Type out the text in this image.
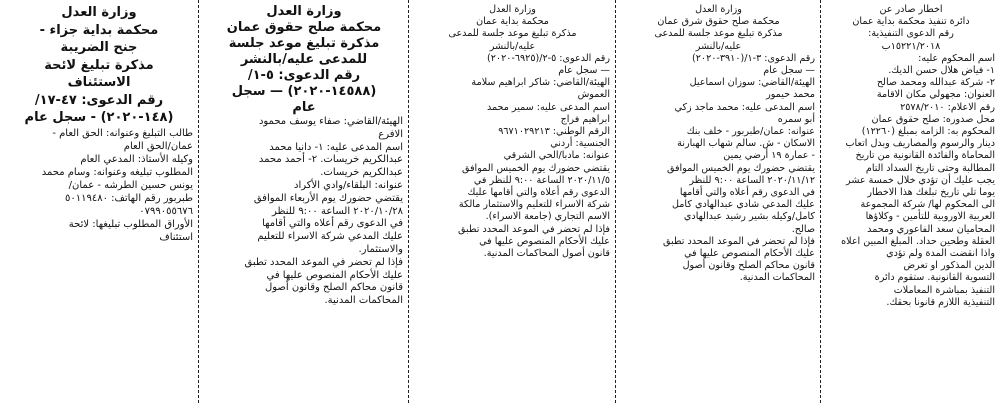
اخطار صادر عن

دائرة تنفيذ محكمة بداية عمان

رقم الدعوى التنفيذية:

١٥٢٢١/٢٠١٨ب

اسم المحكوم عليه:

١- فياض هلال حسن الديك.

٢- شركة عبدالله ومحمد صالح

العنوان: مجهولي مكان الاقامة

رقم الاعلام: ٢٥٧٨/٢٠١٠

محل صدوره: صلح حقوق عمان

المحكوم به: الزامه بمبلغ (١٢٢٦٠)

دينار والرسوم والمصاريف وبدل اتعاب

المحاماة والفائدة القانونية من تاريخ

المطالبة وحتى تاريخ السداد التام

يجب عليك أن تؤدي خلال خمسة عشر

يوما تلي تاريخ تبلغك هذا الاخطار

الى المحكوم لها/ شركة المجموعة

العربية الاوروبية للتأمين - وكلاؤها

المحاميان سعد الفاعوري ومحمد

العقلة وطحين حداد. المبلغ المبين اعلاه

واذا انقضت المدة ولم تؤدي

الدين المذكور او تعرض

التسوية القانونية. ستقوم دائرة

التنفيذ بمباشرة المعاملات

التنفيذية اللازم قانونا بحقك.

وزارة العدل

محكمة صلح حقوق شرق عمان

مذكرة تبليغ موعد جلسة للمدعى

عليه/بالنشر

رقم الدعوى: ٣-١/(٣٩١٠-٢٠٢٠)

— سجل عام

الهيئة/القاضي: سوزان اسماعيل

محمد حيمور

اسم المدعى عليه: محمد ماجد زكي

أبو سمره

عنوانه: عمان/طبربور - خلف بنك

الاسكان - ش. سالم شهاب الهبارنة

- عمارة ١٩ أرضي يمين

يقتضي حضورك يوم الخميس الموافق

٢٠٢٠/١١/١٢ الساعة ٩:٠٠ للنظر

في الدعوى رقم أعلاه والتي أقامها

عليك المدعي شادي عبدالهادي كامل

كامل/وكيله بشير رشيد عبدالهادي

صالح.

فإذا لم تحضر في الموعد المحدد تطبق

عليك الأحكام المنصوص عليها في

قانون محاكم الصلح وقانون أصول

المحاكمات المدنية.

وزارة العدل

محكمة بداية عمان

مذكرة تبليغ موعد جلسة للمدعى

عليه/بالنشر

رقم الدعوى: ٥-٢/(٦٩٢٥-٢٠٢٠)

— سجل عام

الهيئة/القاضي: شاكر ابراهيم سلامة

العموش

اسم المدعى عليه: سمير محمد

ابراهيم فراج

الرقم الوطني: ٩٦٧١٠٢٩٢١٣

الجنسية: أردني

عنوانه: مادبا/الحي الشرقي

يقتضي حضورك يوم الخميس الموافق

٢٠٢٠/١١/٥ الساعة ٩:٠٠ للنظر في

الدعوى رقم أعلاه والتي أقامها عليك

شركة الاسراء للتعليم والاستثمار مالكة

الاسم التجاري (جامعة الاسراء).

فإذا لم تحضر في الموعد المحدد تطبق

عليك الأحكام المنصوص عليها في

قانون أصول المحاكمات المدنية.

وزارة العدل

محكمة صلح حقوق عمان

مذكرة تبليغ موعد جلسة

للمدعى عليه/بالنشر

رقم الدعوى: ٥-١/

(١٤٥٨٨-٢٠٢٠) — سجل

عام

الهيئة/القاضي: صفاء يوسف محمود

الافرع

اسم المدعى عليه: ١- دانيا محمد

عبدالكريم خريسات. ٢- أحمد محمد

عبدالكريم خريسات.

عنوانه: البلقاء/وادي الأكراد

يقتضي حضورك يوم الأربعاء الموافق

٢٠٢٠/١٠/٢٨ الساعة ٩:٠٠ للنظر

في الدعوى رقم أعلاه والتي أقامها

عليك المدعي شركة الاسراء للتعليم

والاستثمار.

فإذا لم تحضر في الموعد المحدد تطبق

عليك الأحكام المنصوص عليها في

قانون محاكم الصلح وقانون أصول

المحاكمات المدنية.

وزارة العدل

محكمة بداية جزاء -

جنح الضريبة

مذكرة تبليغ لائحة

الاستئناف

رقم الدعوى: ٤٧-١٧/

(١٤٨-٢٠٢٠) - سجل عام

طالب التبليغ وعنوانه: الحق العام -

عمان/الحق العام

وكيله الأستاذ: المدعي العام

المطلوب تبليغه وعنوانه: وسام محمد

يونس حسين الطرشه - عمان/

طبربور رقم الهاتف: ٥٠١١٩٤٨٠

٠٧٩٩٠٥٥٦٧٦

الأوراق المطلوب تبليغها: لائحة

استئناف
